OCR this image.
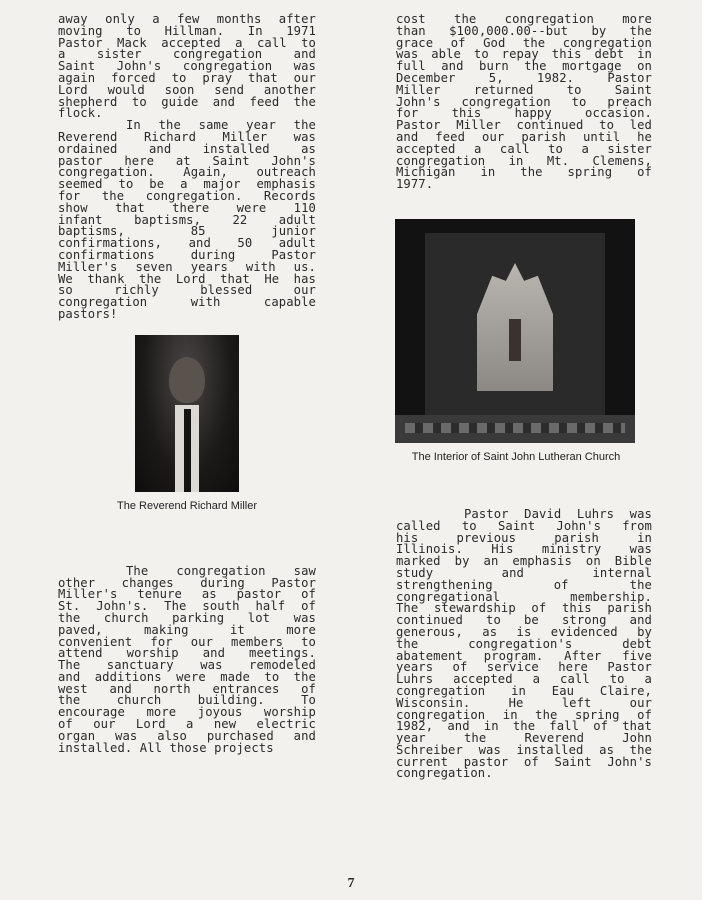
away only a few months after
moving to Hillman. In 1971
Pastor Mack accepted a call to
a sister congregation and
Saint John's congregation was
again forced to pray that our
Lord would soon send another
shepherd to guide and feed the
flock.

In the same year the
Reverend Richard Miller was
ordained and installed as
pastor here at Saint John's
congregation. Again, outreach
seemed to be a major emphasis
for the congregation. Records
show that there were 110
infant baptisms, 22 adult
baptisms, 85 junior
confirmations, and 50 adult
confirmations during Pastor
Miller's seven years with us.
We thank the Lord that He has
so richly blessed our
congregation with capable
pastors!

The Reverend Richard Miller

The congregation saw
other changes during Pastor
Miller's tenure as pastor of
St. John's. The south half of
the church parking lot was
paved, making it more
convenient for our members to
attend worship and meetings.
The sanctuary was remodeled
and additions were made to the
west and north entrances of
the church building. To
encourage more joyous worship
of our Lord a new electric
organ was also purchased and
installed. All those projects

cost the congregation more
than $100,000.00--but by the
grace of God the congregation
was able to repay this debt in
full and burn the mortgage on
December 5, 1982. Pastor
Miller returned to Saint
John's congregation to preach
for this happy occasion.
Pastor Miller continued to led
and feed our parish until he
accepted a call to a sister
congregation in Mt. Clemens,
Michigan in the spring of
1977.

The Interior of Saint John Lutheran Church

Pastor David Luhrs was
called to Saint John's from
his previous parish in
Illinois. His ministry was
marked by an emphasis on Bible
study and internal
strengthening of the
congregational membership.
The stewardship of this parish
continued to be strong and
generous, as is evidenced by
the congregation's debt
abatement program. After five
years of service here Pastor
Luhrs accepted a call to a
congregation in Eau Claire,
Wisconsin. He left our
congregation in the spring of
1982, and in the fall of that
year the Reverend John
Schreiber was installed as the
current pastor of Saint John's
congregation.

7
